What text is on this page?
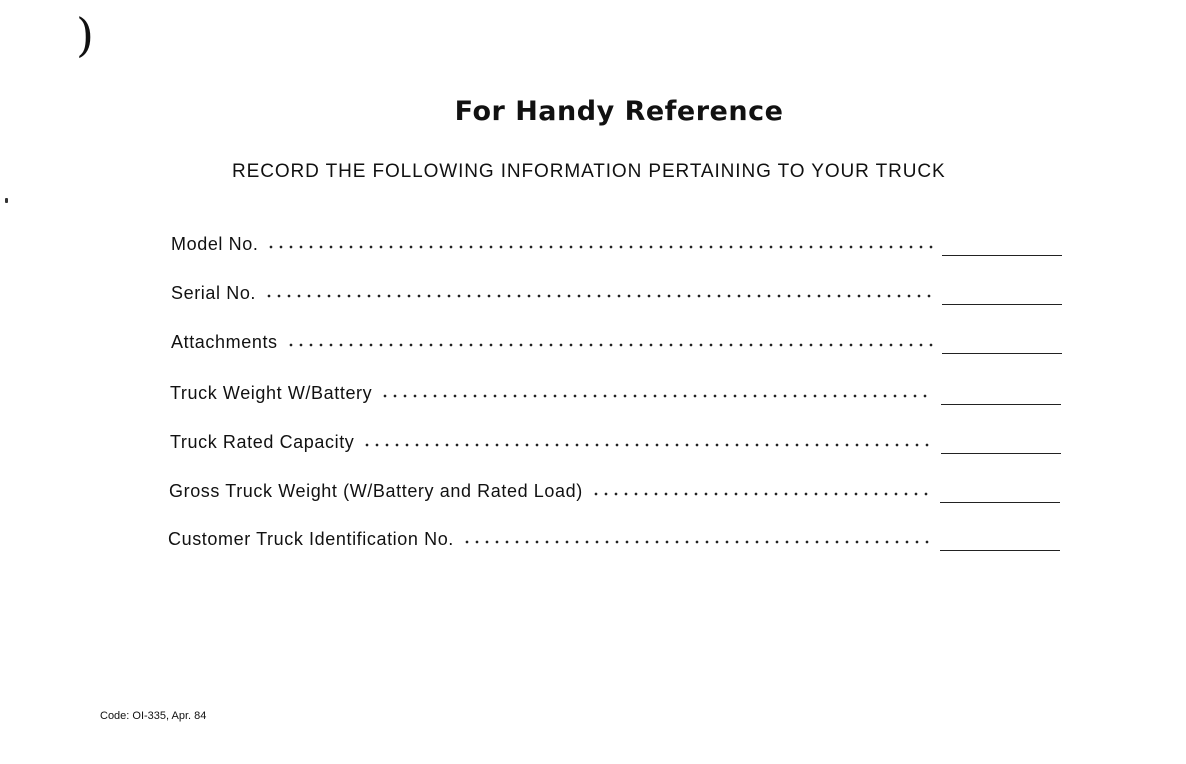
)
For Handy Reference
RECORD THE FOLLOWING INFORMATION PERTAINING TO YOUR TRUCK
Model No.
Serial No.
Attachments
Truck Weight W/Battery
Truck Rated Capacity
Gross Truck Weight (W/Battery and Rated Load)
Customer Truck Identification No.
Code: OI-335, Apr. 84
